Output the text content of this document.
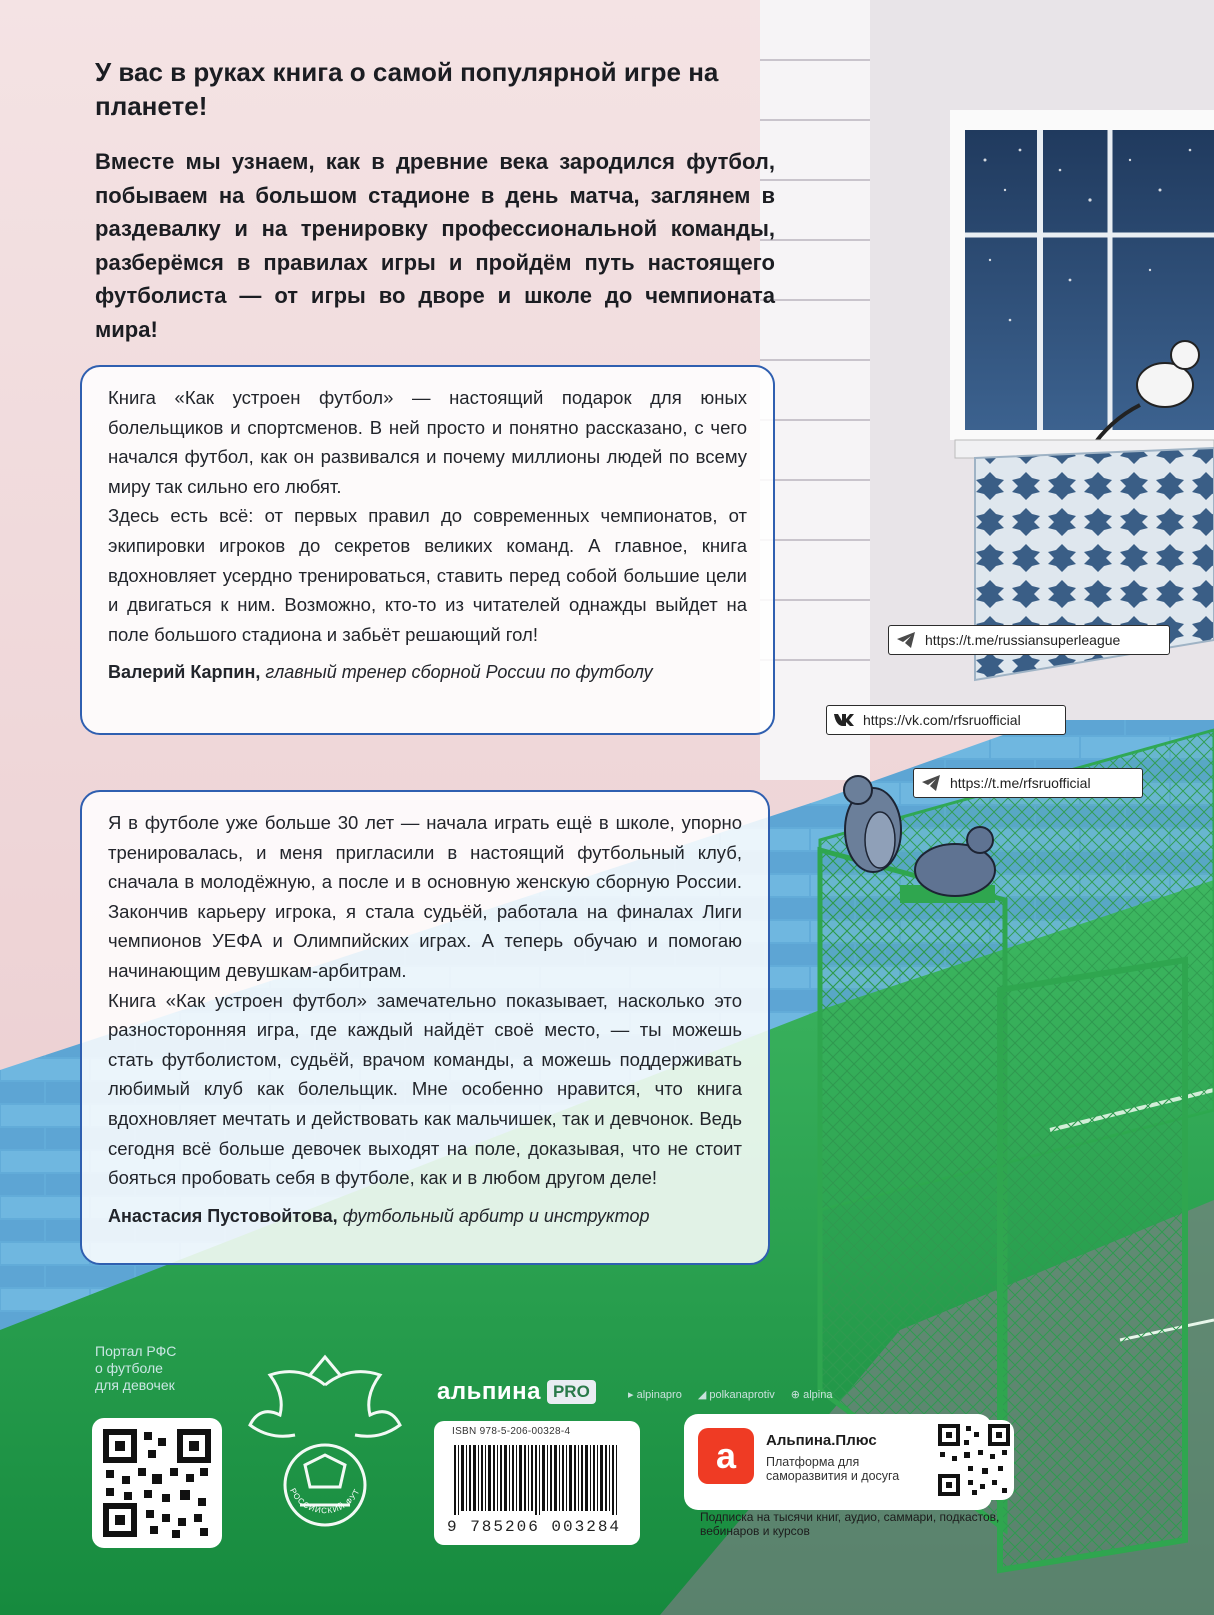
У вас в руках книга о самой популярной игре на планете!

Вместе мы узнаем, как в древние века зародился футбол, побываем на большом стадионе в день матча, заглянем в раздевалку и на тренировку профессиональной команды, разберёмся в правилах игры и пройдём путь настоящего футболиста — от игры во дворе и школе до чемпионата мира!

Книга «Как устроен футбол» — настоящий подарок для юных болельщиков и спортсменов. В ней просто и понятно рассказано, с чего начался футбол, как он развивался и почему миллионы людей по всему миру так сильно его любят.

Здесь есть всё: от первых правил до современных чемпионатов, от экипировки игроков до секретов великих команд. А главное, книга вдохновляет усердно тренироваться, ставить перед собой большие цели и двигаться к ним. Возможно, кто-то из читателей однажды выйдет на поле большого стадиона и забьёт решающий гол!

Валерий Карпин, главный тренер сборной России по футболу

Я в футболе уже больше 30 лет — начала играть ещё в школе, упорно тренировалась, и меня пригласили в настоящий футбольный клуб, сначала в молодёжную, а после и в основную женскую сборную России. Закончив карьеру игрока, я стала судьёй, работала на финалах Лиги чемпионов УЕФА и Олимпийских играх. А теперь обучаю и помогаю начинающим девушкам-арбитрам.

Книга «Как устроен футбол» замечательно показывает, насколько это разносторонняя игра, где каждый найдёт своё место, — ты можешь стать футболистом, судьёй, врачом команды, а можешь поддерживать любимый клуб как болельщик. Мне особенно нравится, что книга вдохновляет мечтать и действовать как мальчишек, так и девчонок. Ведь сегодня всё больше девочек выходят на поле, доказывая, что не стоит бояться пробовать себя в футболе, как и в любом другом деле!

Анастасия Пустовойтова, футбольный арбитр и инструктор

https://t.me/russiansuperleague
https://vk.com/rfsruofficial
https://t.me/rfsruofficial
Портал РФС
о футболе
для девочек
РОССИЙСКИЙ ФУТ
альпина PRO	▸ alpinapro ◢ polkanaprotiv ⊕ alpina
ISBN 978-5-206-00328-4
9 785206 003284
a	Альпина.Плюс
Платформа для саморазвития и досуга
Подписка на тысячи книг, аудио, саммари, подкастов, вебинаров и курсов
